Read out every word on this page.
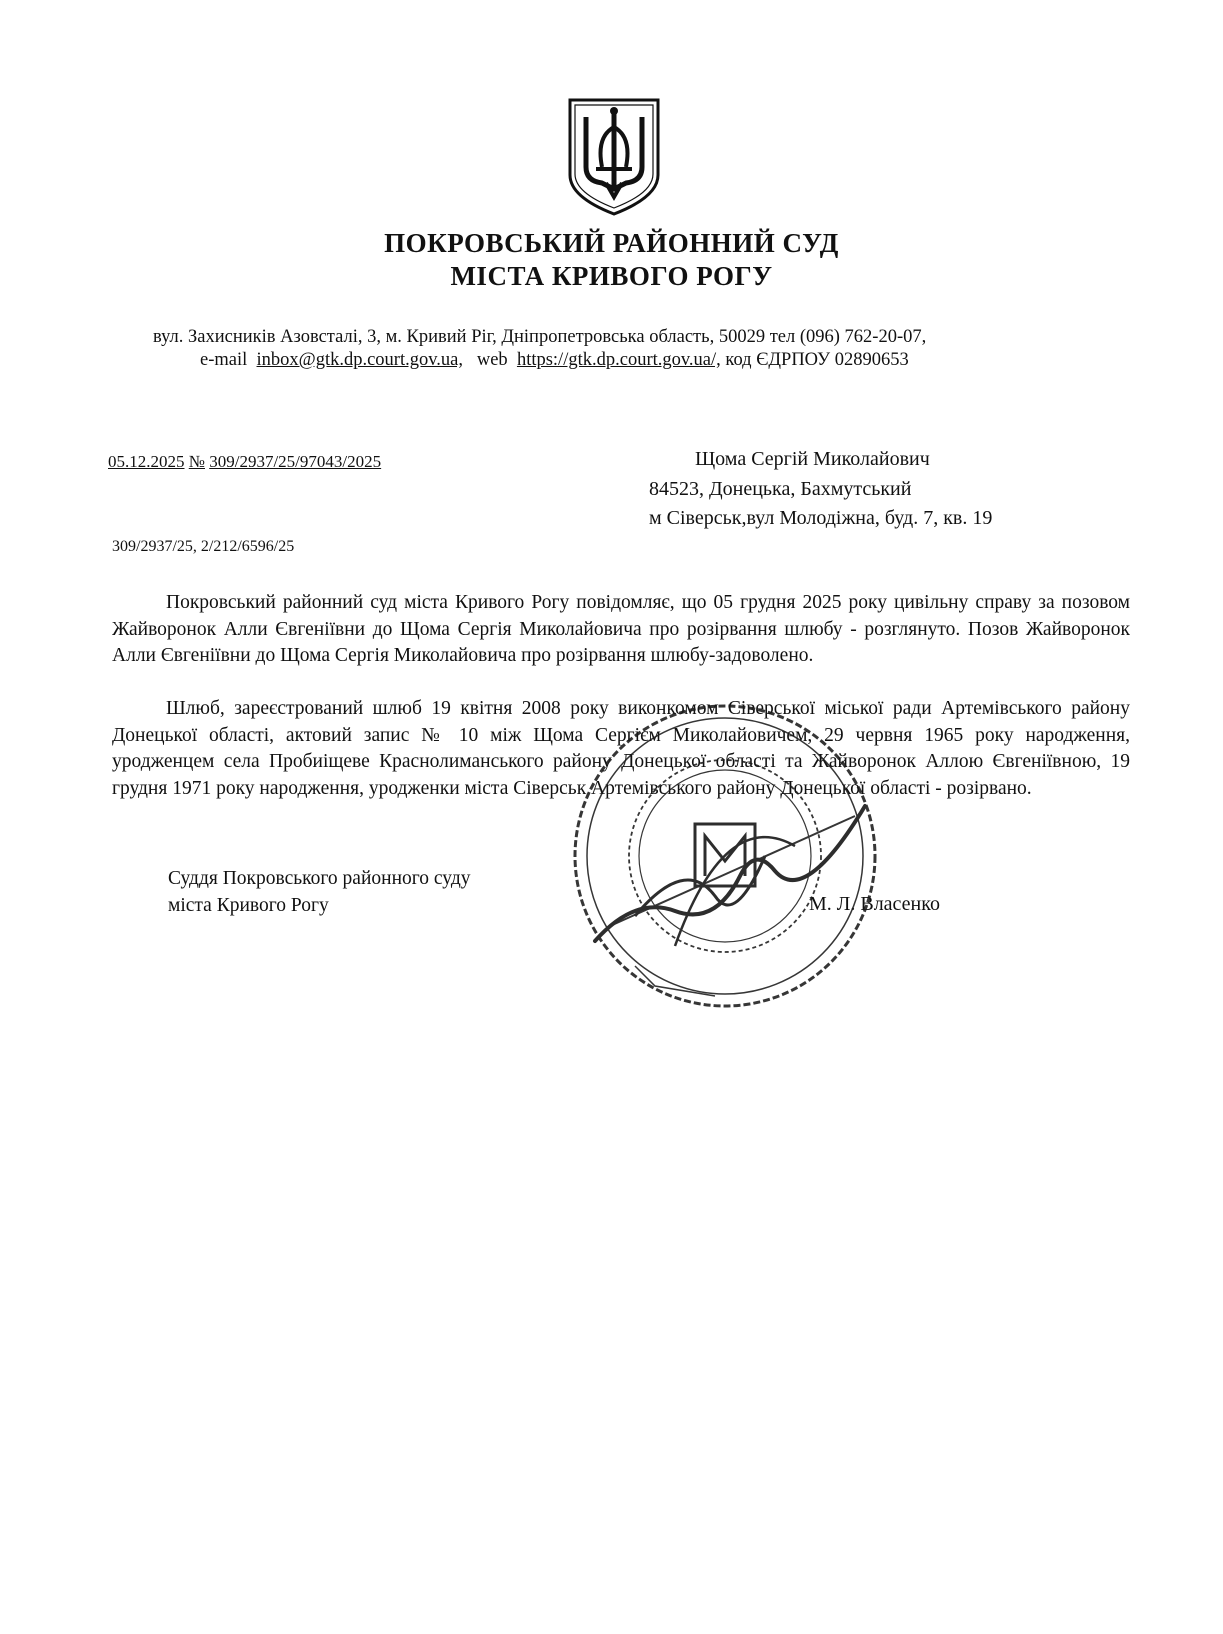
ПОКРОВСЬКИЙ РАЙОННИЙ СУД
МІСТА КРИВОГО РОГУ
вул. Захисників Азовсталі, 3, м. Кривий Ріг, Дніпропетровська область, 50029 тел (096) 762-20-07,
e-mail inbox@gtk.dp.court.gov.ua, web https://gtk.dp.court.gov.ua/, код ЄДРПОУ 02890653
05.12.2025 № 309/2937/25/97043/2025	Щома Сергій Миколайович
84523, Донецька, Бахмутський
м Сіверськ,вул Молодіжна, буд. 7, кв. 19
309/2937/25, 2/212/6596/25

Покровський районний суд міста Кривого Рогу повідомляє, що 05 грудня 2025 року цивільну справу за позовом Жайворонок Алли Євгеніївни до Щома Сергія Миколайовича про розірвання шлюбу - розглянуто. Позов Жайворонок Алли Євгеніївни до Щома Сергія Миколайовича про розірвання шлюбу-задоволено.

Шлюб, зареєстрований шлюб 19 квітня 2008 року виконкомом Сіверської міської ради Артемівського району Донецької області, актовий запис № 10 між Щома Сергієм Миколайовичем, 29 червня 1965 року народження, уродженцем села Пробиіщеве Краснолиманського району Донецької області та Жайворонок Аллою Євгеніївною, 19 грудня 1971 року народження, уродженки міста Сіверськ Артемівського району Донецької області - розірвано.

Суддя Покровського районного суду
міста Кривого Рогу	М. Л. Власенко
